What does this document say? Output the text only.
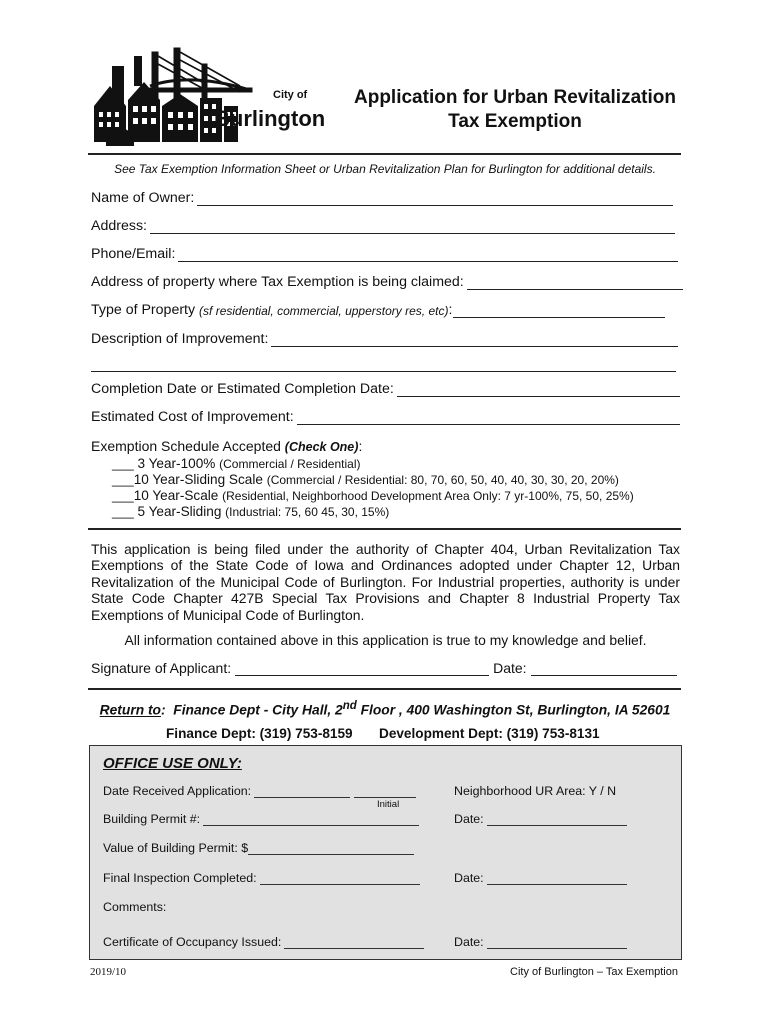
City of
Burlington
Application for Urban Revitalization
Tax Exemption
See Tax Exemption Information Sheet or Urban Revitalization Plan for Burlington for additional details.
Name of Owner:
Address:
Phone/Email:
Address of property where Tax Exemption is being claimed:
Type of Property
(sf residential, commercial, upperstory res, etc) :
Description of Improvement:
Completion Date or Estimated Completion Date:
Estimated Cost of Improvement:
Exemption Schedule Accepted (Check One):
___ 3 Year-100% (Commercial / Residential)
___10 Year-Sliding Scale (Commercial / Residential: 80, 70, 60, 50, 40, 40, 30, 30, 20, 20%)
___10 Year-Scale (Residential, Neighborhood Development Area Only: 7 yr-100%, 75, 50, 25%)
___ 5 Year-Sliding (Industrial: 75, 60 45, 30, 15%)
This application is being filed under the authority of Chapter 404, Urban Revitalization Tax Exemptions of the State Code of Iowa and Ordinances adopted under Chapter 12, Urban Revitalization of the Municipal Code of Burlington. For Industrial properties, authority is under State Code Chapter 427B Special Tax Provisions and Chapter 8 Industrial Property Tax Exemptions of Municipal Code of Burlington.
All information contained above in this application is true to my knowledge and belief.
Signature of Applicant:	Date:
Return to: Finance Dept - City Hall, 2nd Floor , 400 Washington St, Burlington, IA 52601
Finance Dept: (319) 753-8159 Development Dept: (319) 753-8131
OFFICE USE ONLY:
Date Received Application:
Initial
Neighborhood UR Area: Y / N
Building Permit #:	Date:
Value of Building Permit: $
Final Inspection Completed:	Date:
Comments:
Certificate of Occupancy Issued:	Date:
2019/10	City of Burlington – Tax Exemption
